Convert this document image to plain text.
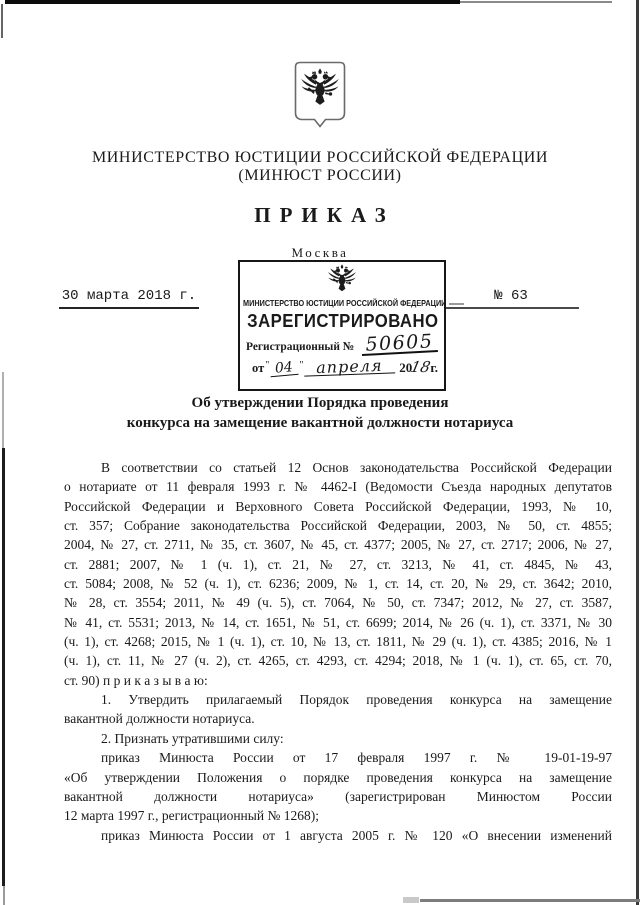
МИНИСТЕРСТВО ЮСТИЦИИ РОССИЙСКОЙ ФЕДЕРАЦИИ
(МИНЮСТ РОССИИ)
ПРИКАЗ
Москва
30 марта 2018 г.	№ 63
МИНИСТЕРСТВО ЮСТИЦИИ РОССИЙСКОЙ ФЕДЕРАЦИИ
ЗАРЕГИСТРИРОВАНО
Регистрационный № 50605
от " 04 " апреля	20
18
г.
Об утверждении Порядка проведения
конкурса на замещение вакантной должности нотариуса
В соответствии со статьей 12 Основ законодательства Российской Федерации
о нотариате от 11 февраля 1993 г. № 4462-I (Ведомости Съезда народных депутатов
Российской Федерации и Верховного Совета Российской Федерации, 1993, № 10,
ст. 357; Собрание законодательства Российской Федерации, 2003, № 50, ст. 4855;
2004, № 27, ст. 2711, № 35, ст. 3607, № 45, ст. 4377; 2005, № 27, ст. 2717; 2006, № 27,
ст. 2881; 2007, № 1 (ч. 1), ст. 21, № 27, ст. 3213, № 41, ст. 4845, № 43,
ст. 5084; 2008, № 52 (ч. 1), ст. 6236; 2009, № 1, ст. 14, ст. 20, № 29, ст. 3642; 2010,
№ 28, ст. 3554; 2011, № 49 (ч. 5), ст. 7064, № 50, ст. 7347; 2012, № 27, ст. 3587,
№ 41, ст. 5531; 2013, № 14, ст. 1651, № 51, ст. 6699; 2014, № 26 (ч. 1), ст. 3371, № 30
(ч. 1), ст. 4268; 2015, № 1 (ч. 1), ст. 10, № 13, ст. 1811, № 29 (ч. 1), ст. 4385; 2016, № 1
(ч. 1), ст. 11, № 27 (ч. 2), ст. 4265, ст. 4293, ст. 4294; 2018, № 1 (ч. 1), ст. 65, ст. 70,
ст. 90) п р и к а з ы в а ю:
1. Утвердить прилагаемый Порядок проведения конкурса на замещение
вакантной должности нотариуса.
2. Признать утратившими силу:
приказ Минюста России от 17 февраля 1997 г. № 19-01-19-97
«Об утверждении Положения о порядке проведения конкурса на замещение
вакантной должности нотариуса» (зарегистрирован Минюстом России
12 марта 1997 г., регистрационный № 1268);
приказ Минюста России от 1 августа 2005 г. № 120 «О внесении изменений
